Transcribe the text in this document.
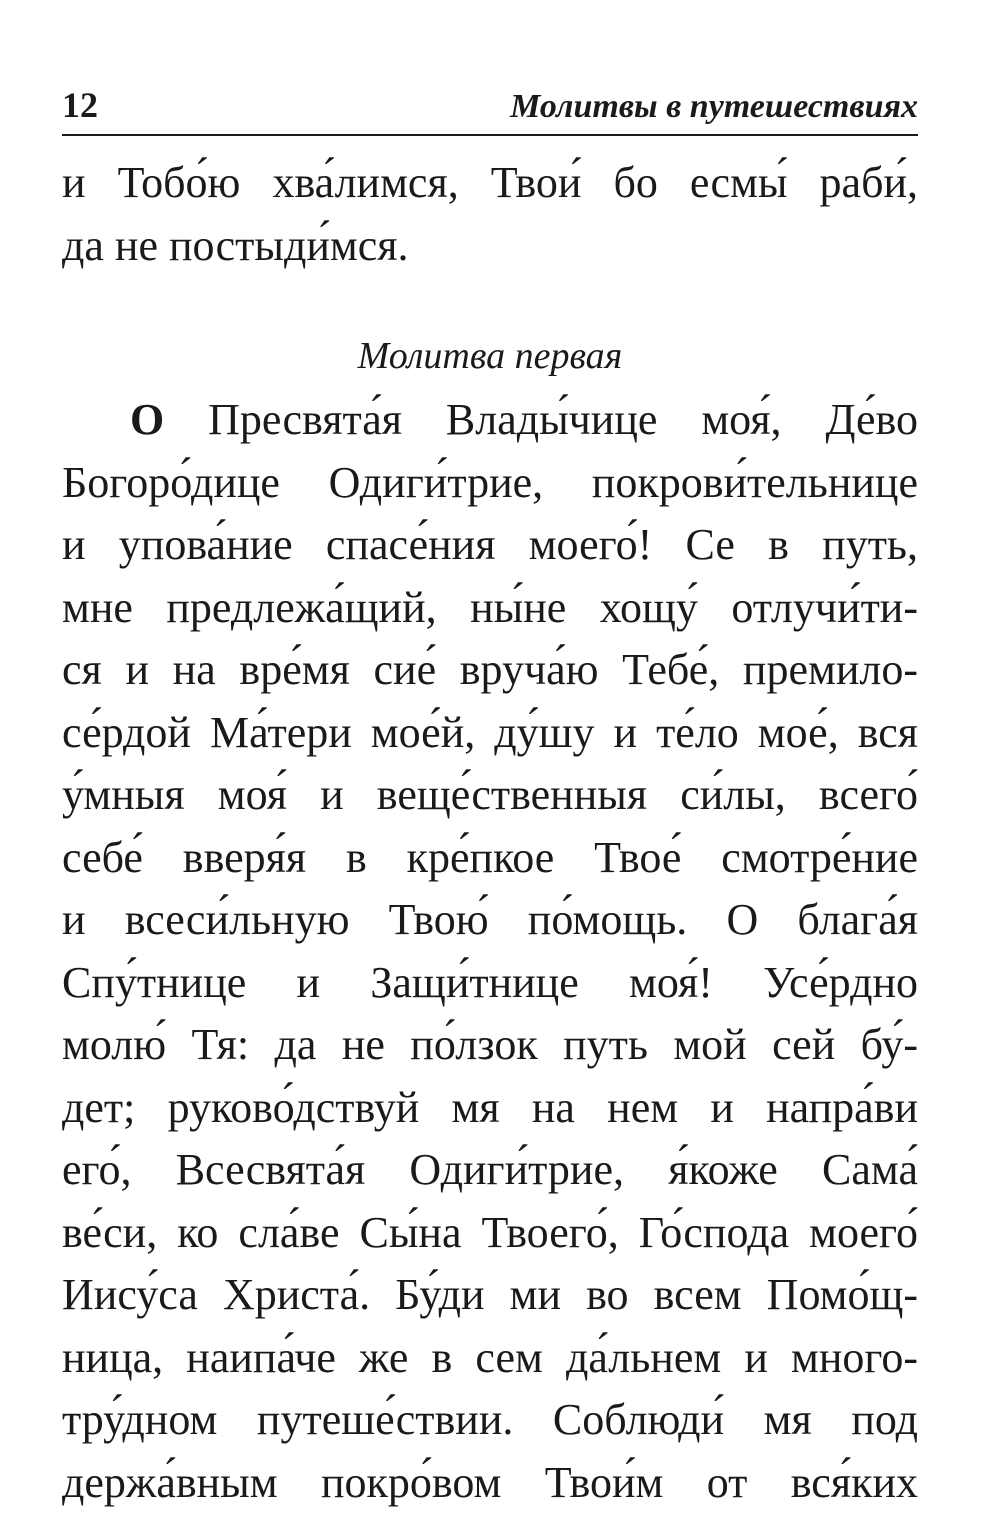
12	Молитвы в путешествиях
и Тобо́ю хва́лимся, Твои́ бо есмы́ раби́,
да не постыди́мся.
Молитва первая
О Пресвята́я Влады́чице моя́, Де́во
Богоро́дице Одиги́трие, покрови́тельнице
и упова́ние спасе́ния моего́! Се в путь,
мне предлежа́щий, ны́не хощу́ отлучи́ти-
ся и на вре́мя сие́ вруча́ю Тебе́, премило-
се́рдой Ма́тери мое́й, ду́шу и те́ло мое́, вся
у́мныя моя́ и веще́ственныя си́лы, всего́
себе́ вверя́я в кре́пкое Твое́ смотре́ние
и всеси́льную Твою́ по́мощь. О блага́я
Спу́тнице и Защи́тнице моя́! Усе́рдно
молю́ Тя: да не по́лзок путь мой сей бу́-
дет; руково́дствуй мя на нем и напра́ви
его́, Всесвята́я Одиги́трие, я́коже Сама́
ве́си, ко сла́ве Сы́на Твоего́, Го́спода моего́
Иису́са Христа́. Бу́ди ми во всем Помо́щ-
ница, наипа́че же в сем да́льнем и много-
тру́дном путеше́ствии. Соблюди́ мя под
держа́вным покро́вом Твои́м от вся́ких
